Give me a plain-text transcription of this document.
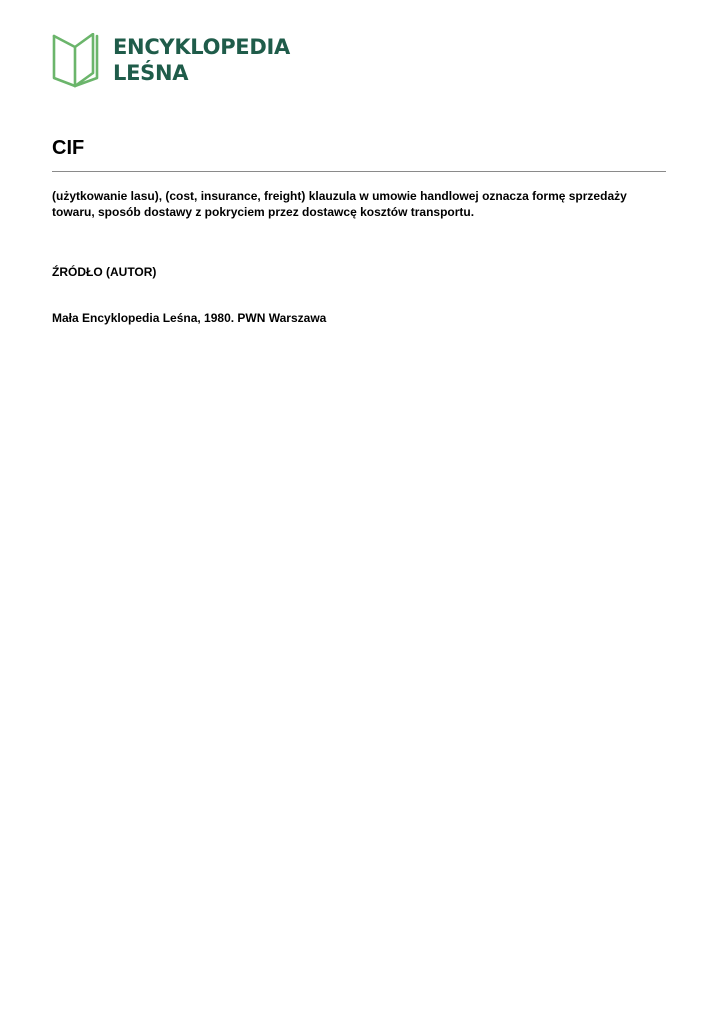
ENCYKLOPEDIA
LEŚNA
CIF

(użytkowanie lasu), (cost, insurance, freight) klauzula w umowie handlowej oznacza formę sprzedaży towaru, sposób dostawy z pokryciem przez dostawcę kosztów transportu.

ŹRÓDŁO (AUTOR)

Mała Encyklopedia Leśna, 1980. PWN Warszawa
